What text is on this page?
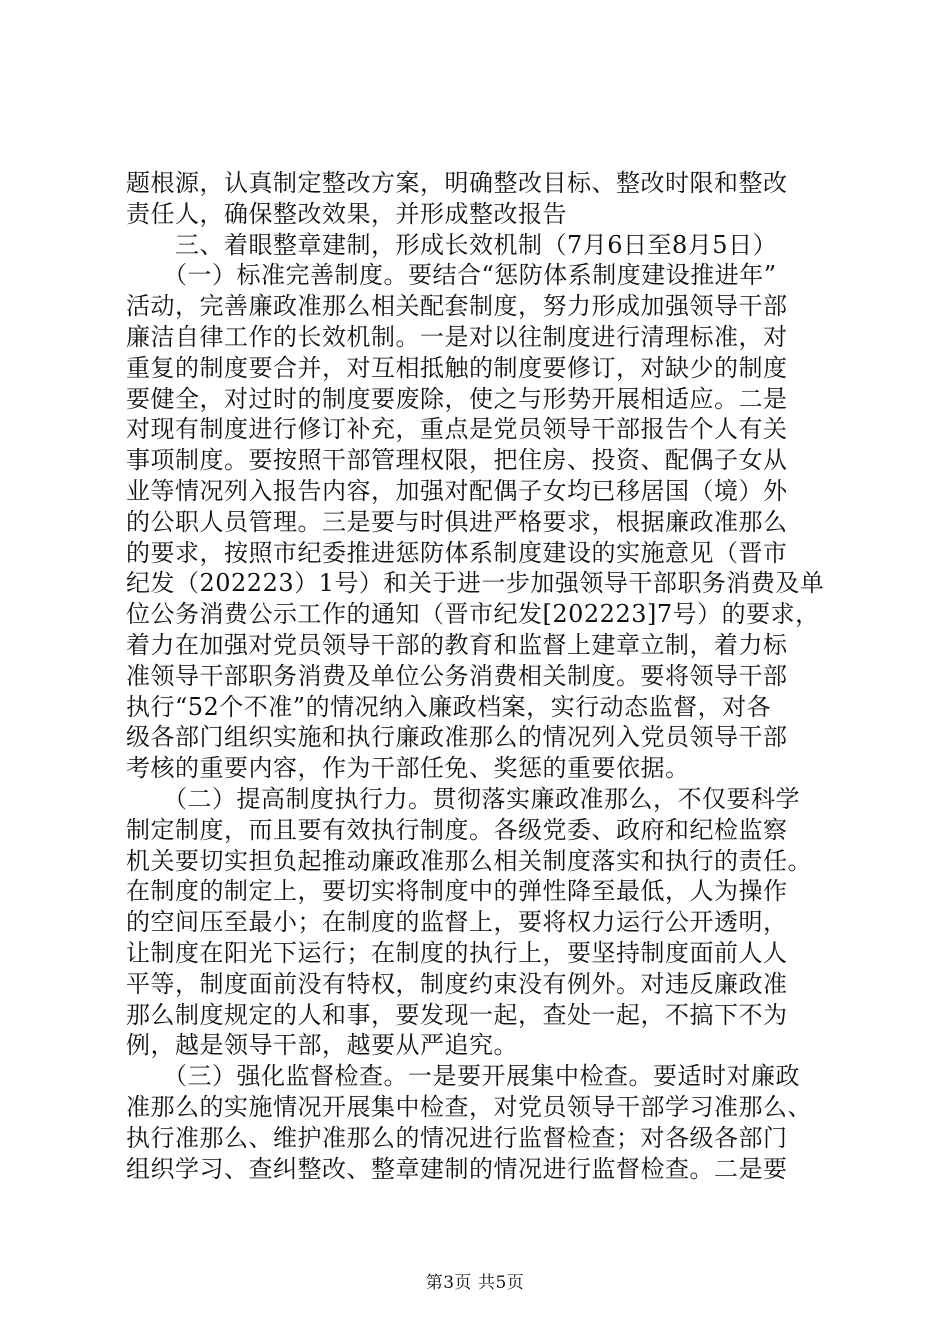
题根源，认真制定整改方案，明确整改目标、整改时限和整改
责任人，确保整改效果，并形成整改报告
　　三、着眼整章建制，形成长效机制（7月6日至8月5日）
　　（一）标准完善制度。要结合“惩防体系制度建设推进年”
活动，完善廉政准那么相关配套制度，努力形成加强领导干部
廉洁自律工作的长效机制。一是对以往制度进行清理标准，对
重复的制度要合并，对互相抵触的制度要修订，对缺少的制度
要健全，对过时的制度要废除，使之与形势开展相适应。二是
对现有制度进行修订补充，重点是党员领导干部报告个人有关
事项制度。要按照干部管理权限，把住房、投资、配偶子女从
业等情况列入报告内容，加强对配偶子女均已移居国（境）外
的公职人员管理。三是要与时俱进严格要求，根据廉政准那么
的要求，按照市纪委推进惩防体系制度建设的实施意见（晋市
纪发（202223）1号）和关于进一步加强领导干部职务消费及单
位公务消费公示工作的通知（晋市纪发[202223]7号）的要求，
着力在加强对党员领导干部的教育和监督上建章立制，着力标
准领导干部职务消费及单位公务消费相关制度。要将领导干部
执行“52个不准”的情况纳入廉政档案，实行动态监督，对各
级各部门组织实施和执行廉政准那么的情况列入党员领导干部
考核的重要内容，作为干部任免、奖惩的重要依据。
　　（二）提高制度执行力。贯彻落实廉政准那么，不仅要科学
制定制度，而且要有效执行制度。各级党委、政府和纪检监察
机关要切实担负起推动廉政准那么相关制度落实和执行的责任。
在制度的制定上，要切实将制度中的弹性降至最低，人为操作
的空间压至最小；在制度的监督上，要将权力运行公开透明，
让制度在阳光下运行；在制度的执行上，要坚持制度面前人人
平等，制度面前没有特权，制度约束没有例外。对违反廉政准
那么制度规定的人和事，要发现一起，查处一起，不搞下不为
例，越是领导干部，越要从严追究。
　　（三）强化监督检查。一是要开展集中检查。要适时对廉政
准那么的实施情况开展集中检查，对党员领导干部学习准那么、
执行准那么、维护准那么的情况进行监督检查；对各级各部门
组织学习、查纠整改、整章建制的情况进行监督检查。二是要
第3页 共5页
